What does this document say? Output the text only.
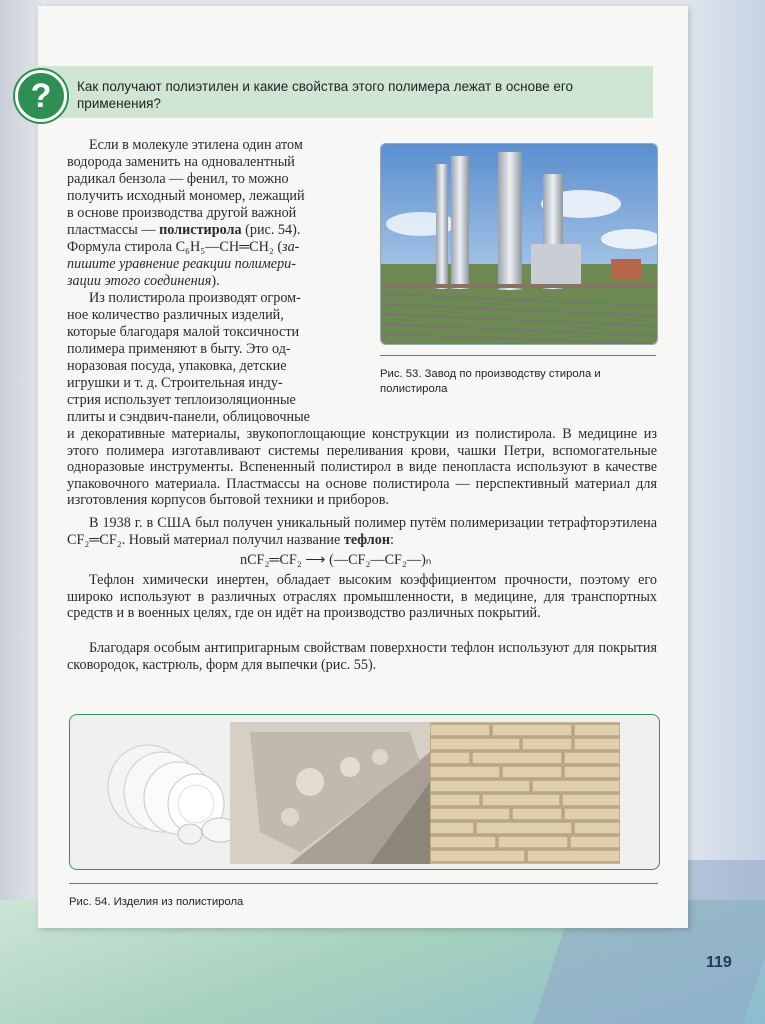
?	Как получают полиэтилен и какие свойства этого полимера лежат в основе его применения?
Если в молекуле этилена один атом
водорода заменить на одновалентный
радикал бензола — фенил, то можно
получить исходный мономер, лежащий
в основе производства другой важной
пластмассы — полистирола (рис. 54).
Формула стирола C₆H₅—CH═CH₂ (за-
пишите уравнение реакции полимери-
зации этого соединения).
Из полистирола производят огром-
ное количество различных изделий,
которые благодаря малой токсичности
полимера применяют в быту. Это од-
норазовая посуда, упаковка, детские
игрушки и т. д. Строительная инду-
стрия использует теплоизоляционные
плиты и сэндвич-панели, облицовочные
и декоративные материалы, звукопоглощающие конструкции из полистирола. В медицине из этого полимера изготавливают системы переливания крови, чашки Петри, вспомогательные одноразовые инструменты. Вспененный полистирол в виде пенопласта используют в качестве упаковочного материала. Пластмассы на основе полистирола — перспективный материал для изготовления корпусов бытовой техники и приборов.
Рис. 53. Завод по производству стирола и полистирола
В 1938 г. в США был получен уникальный полимер путём полимеризации тетрафторэтилена CF₂═CF₂. Новый материал получил название тефлон:
nCF₂═CF₂ ⟶ (—CF₂—CF₂—)ₙ
Тефлон химически инертен, обладает высоким коэффициентом прочности, поэтому его широко используют в различных отраслях промышленности, в медицине, для транспортных средств и в военных целях, где он идёт на производство различных покрытий.
Благодаря особым антипригарным свойствам поверхности тефлон используют для покрытия сковородок, кастрюль, форм для выпечки (рис. 55).
Рис. 54. Изделия из полистирола
119
